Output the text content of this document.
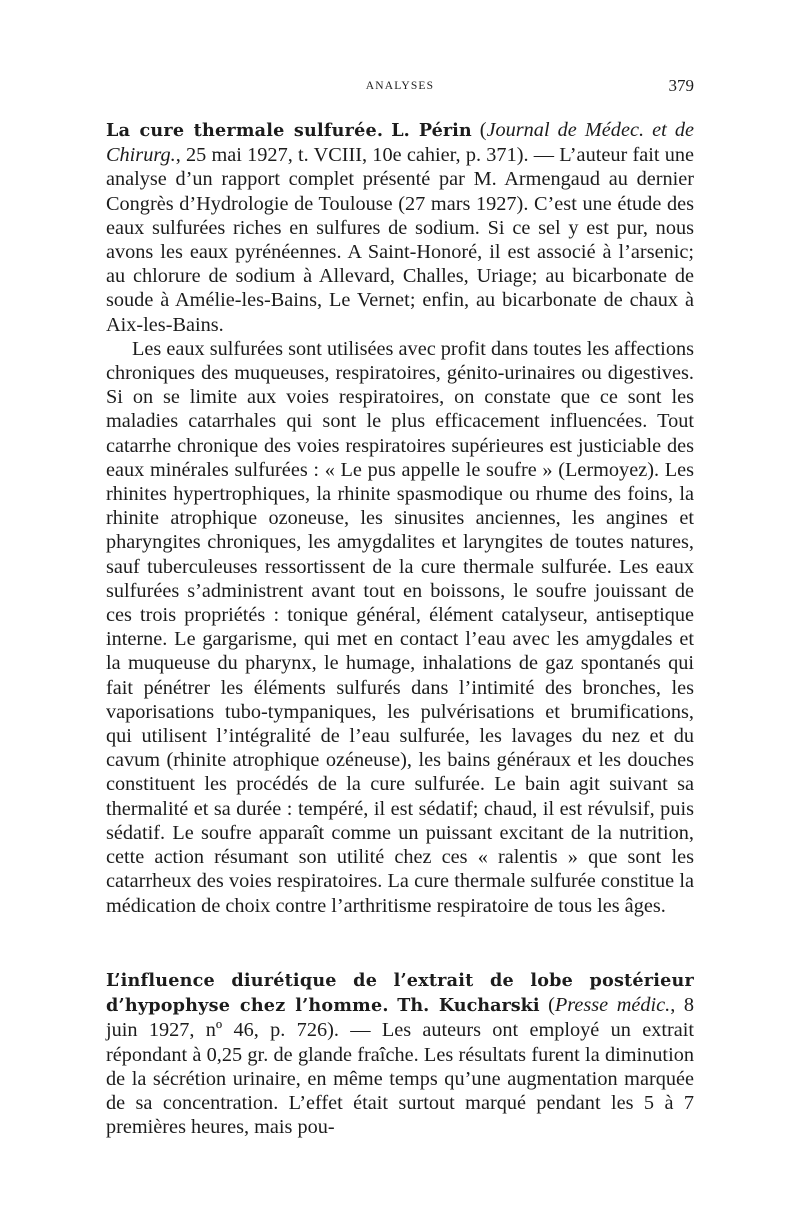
ANALYSES	379

La cure thermale sulfurée. L. Périn (Journal de Médec. et de Chirurg., 25 mai 1927, t. VCIII, 10e cahier, p. 371). — L’auteur fait une analyse d’un rapport complet présenté par M. Armengaud au dernier Congrès d’Hydrologie de Toulouse (27 mars 1927). C’est une étude des eaux sulfurées riches en sulfures de sodium. Si ce sel y est pur, nous avons les eaux pyrénéennes. A Saint-Honoré, il est associé à l’arsenic; au chlorure de sodium à Allevard, Challes, Uriage; au bicarbonate de soude à Amélie-les-Bains, Le Vernet; enfin, au bicarbonate de chaux à Aix-les-Bains.

Les eaux sulfurées sont utilisées avec profit dans toutes les affections chroniques des muqueuses, respiratoires, génito-urinaires ou digestives. Si on se limite aux voies respiratoires, on constate que ce sont les maladies catarrhales qui sont le plus efficacement influencées. Tout catarrhe chronique des voies respiratoires supérieures est justiciable des eaux minérales sulfurées : « Le pus appelle le soufre » (Lermoyez). Les rhinites hypertrophiques, la rhinite spasmodique ou rhume des foins, la rhinite atrophique ozoneuse, les sinusites anciennes, les angines et pharyngites chroniques, les amygdalites et laryngites de toutes natures, sauf tuberculeuses ressortissent de la cure thermale sulfurée. Les eaux sulfurées s’administrent avant tout en boissons, le soufre jouissant de ces trois propriétés : tonique général, élément catalyseur, antiseptique interne. Le gargarisme, qui met en contact l’eau avec les amygdales et la muqueuse du pharynx, le humage, inhalations de gaz spontanés qui fait pénétrer les éléments sulfurés dans l’intimité des bronches, les vaporisations tubo-tympaniques, les pulvérisations et brumifications, qui utilisent l’intégralité de l’eau sulfurée, les lavages du nez et du cavum (rhinite atrophique ozéneuse), les bains généraux et les douches constituent les procédés de la cure sulfurée. Le bain agit suivant sa thermalité et sa durée : tempéré, il est sédatif; chaud, il est révulsif, puis sédatif. Le soufre apparaît comme un puissant excitant de la nutrition, cette action résumant son utilité chez ces « ralentis » que sont les catarrheux des voies respiratoires. La cure thermale sulfurée constitue la médication de choix contre l’arthritisme respiratoire de tous les âges.

L’influence diurétique de l’extrait de lobe postérieur d’hypophyse chez l’homme. Th. Kucharski (Presse médic., 8 juin 1927, nº 46, p. 726). — Les auteurs ont employé un extrait répondant à 0,25 gr. de glande fraîche. Les résultats furent la diminution de la sécrétion urinaire, en même temps qu’une augmentation marquée de sa concentration. L’effet était surtout marqué pendant les 5 à 7 premières heures, mais pou-
